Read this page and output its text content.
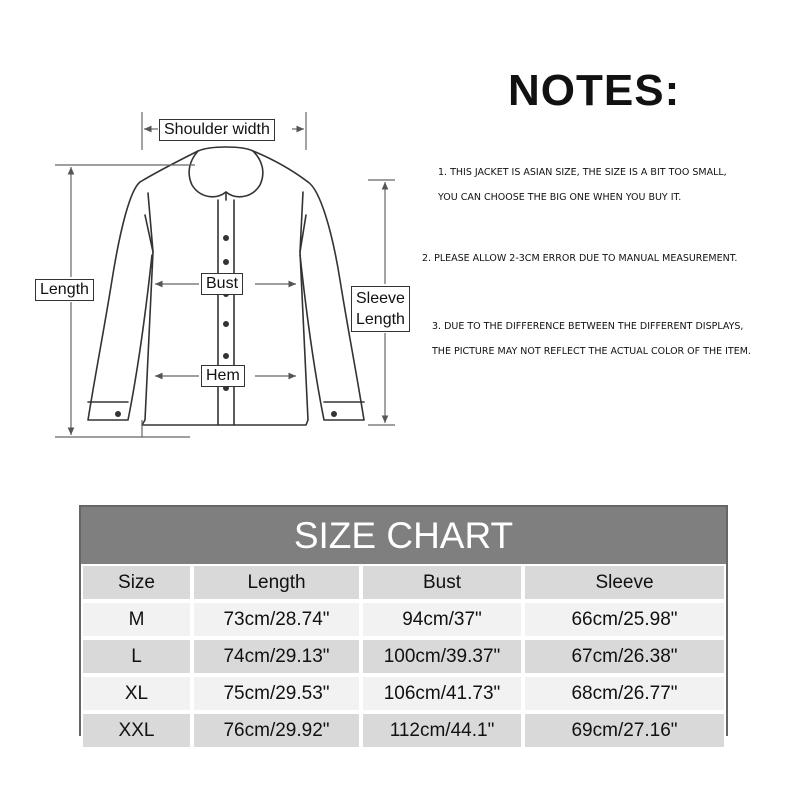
Shoulder width
Length	Bust
Hem
Sleeve
Length
NOTES:
1. THIS JACKET IS ASIAN SIZE, THE SIZE IS A BIT TOO SMALL,
YOU CAN CHOOSE THE BIG ONE WHEN YOU BUY IT.
2. PLEASE ALLOW 2-3CM ERROR DUE TO MANUAL MEASUREMENT.
3. DUE TO THE DIFFERENCE BETWEEN THE DIFFERENT DISPLAYS,
THE PICTURE MAY NOT REFLECT THE ACTUAL COLOR OF THE ITEM.
SIZE CHART
Size	Length	Bust	Sleeve
M	73cm/28.74"	94cm/37"	66cm/25.98"
L	74cm/29.13"	100cm/39.37"	67cm/26.38"
XL	75cm/29.53"	106cm/41.73"	68cm/26.77"
XXL	76cm/29.92"	112cm/44.1"	69cm/27.16"
